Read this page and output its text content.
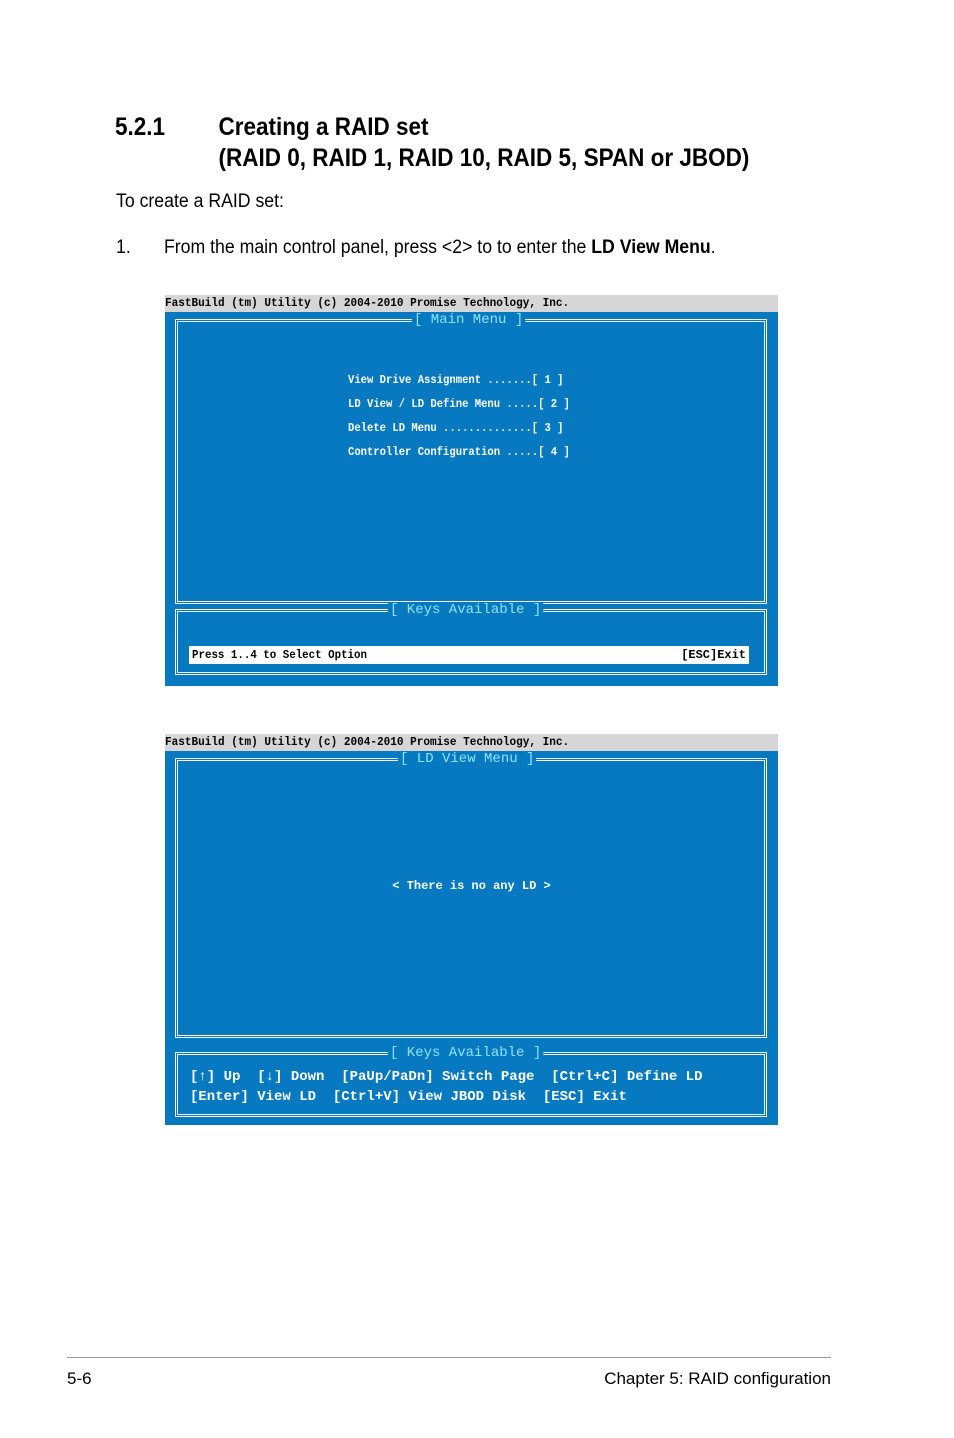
5.2.1 Creating a RAID set
(RAID 0, RAID 1, RAID 10, RAID 5, SPAN or JBOD)
To create a RAID set:
1. From the main control panel, press <2> to to enter the LD View Menu.
FastBuild (tm) Utility (c) 2004-2010 Promise Technology, Inc.
[ Main Menu ]
View Drive Assignment .......[ 1 ]
LD View / LD Define Menu .....[ 2 ]
Delete LD Menu ..............[ 3 ]
Controller Configuration .....[ 4 ]
[ Keys Available ]
Press 1..4 to Select Option	[ESC]Exit
FastBuild (tm) Utility (c) 2004-2010 Promise Technology, Inc.
[ LD View Menu ]
< There is no any LD >
[ Keys Available ]
[↑] Up  [↓] Down  [PaUp/PaDn] Switch Page  [Ctrl+C] Define LD
[Enter] View LD  [Ctrl+V] View JBOD Disk  [ESC] Exit
5-6	Chapter 5: RAID configuration
